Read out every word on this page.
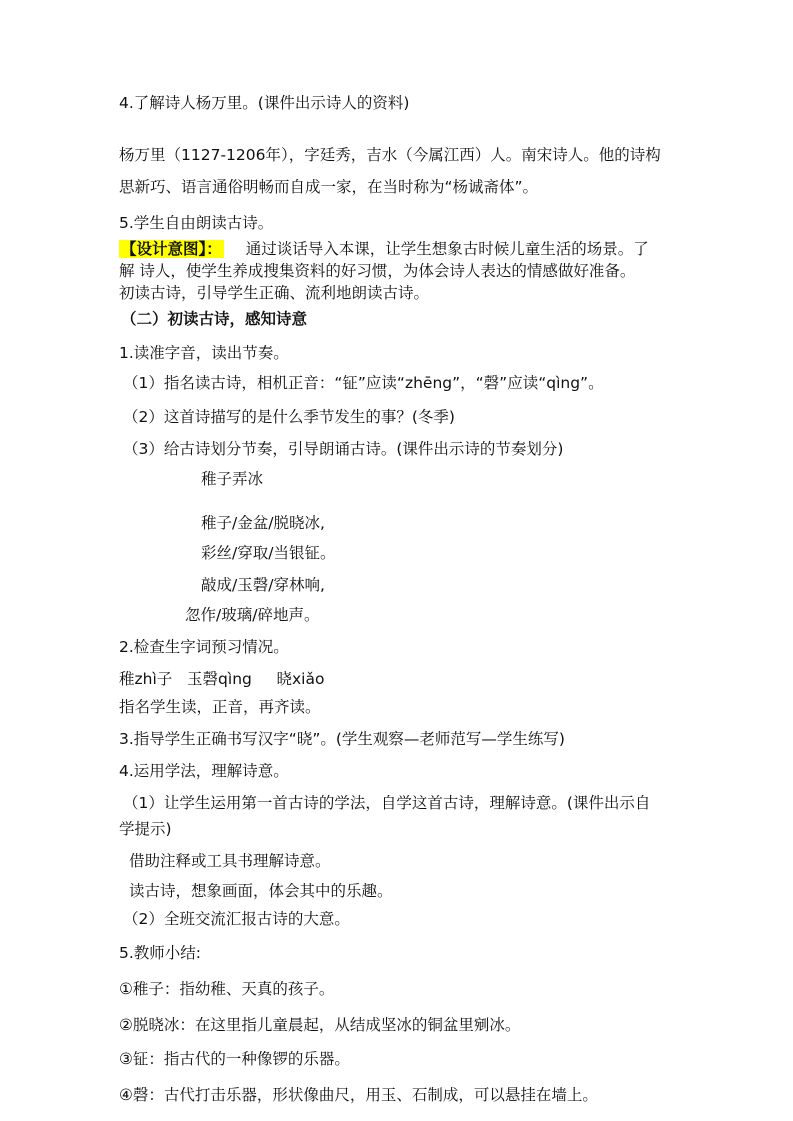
4.了解诗人杨万里。(课件出示诗人的资料)
杨万里（1127-1206年），字廷秀，吉水（今属江西）人。南宋诗人。他的诗构
思新巧、语言通俗明畅而自成一家，在当时称为“杨诚斋体”。
5.学生自由朗读古诗。
【设计意图】： 通过谈话导入本课，让学生想象古时候儿童生活的场景。了
解 诗人，使学生养成搜集资料的好习惯，为体会诗人表达的情感做好准备。
初读古诗，引导学生正确、流利地朗读古诗。
（二）初读古诗，感知诗意
1.读准字音，读出节奏。
（1）指名读古诗，相机正音：“钲”应读“zhēng”，“磬”应读“qìng”。
（2）这首诗描写的是什么季节发生的事？(冬季)
（3）给古诗划分节奏，引导朗诵古诗。(课件出示诗的节奏划分)
稚子弄冰
稚子/金盆/脱晓冰,
彩丝/穿取/当银钲。
敲成/玉磬/穿林响,
忽作/玻璃/碎地声。
2.检查生字词预习情况。
稚zhì子   玉磬qìng     晓xiǎo
指名学生读，正音，再齐读。
3.指导学生正确书写汉字“晓”。(学生观察—老师范写—学生练写)
4.运用学法，理解诗意。
（1）让学生运用第一首古诗的学法，自学这首古诗，理解诗意。(课件出示自
学提示)
借助注释或工具书理解诗意。
读古诗，想象画面，体会其中的乐趣。
（2）全班交流汇报古诗的大意。
5.教师小结:
①稚子：指幼稚、天真的孩子。
②脱晓冰：在这里指儿童晨起，从结成坚冰的铜盆里剜冰。
③钲：指古代的一种像锣的乐器。
④磬：古代打击乐器，形状像曲尺，用玉、石制成，可以悬挂在墙上。
